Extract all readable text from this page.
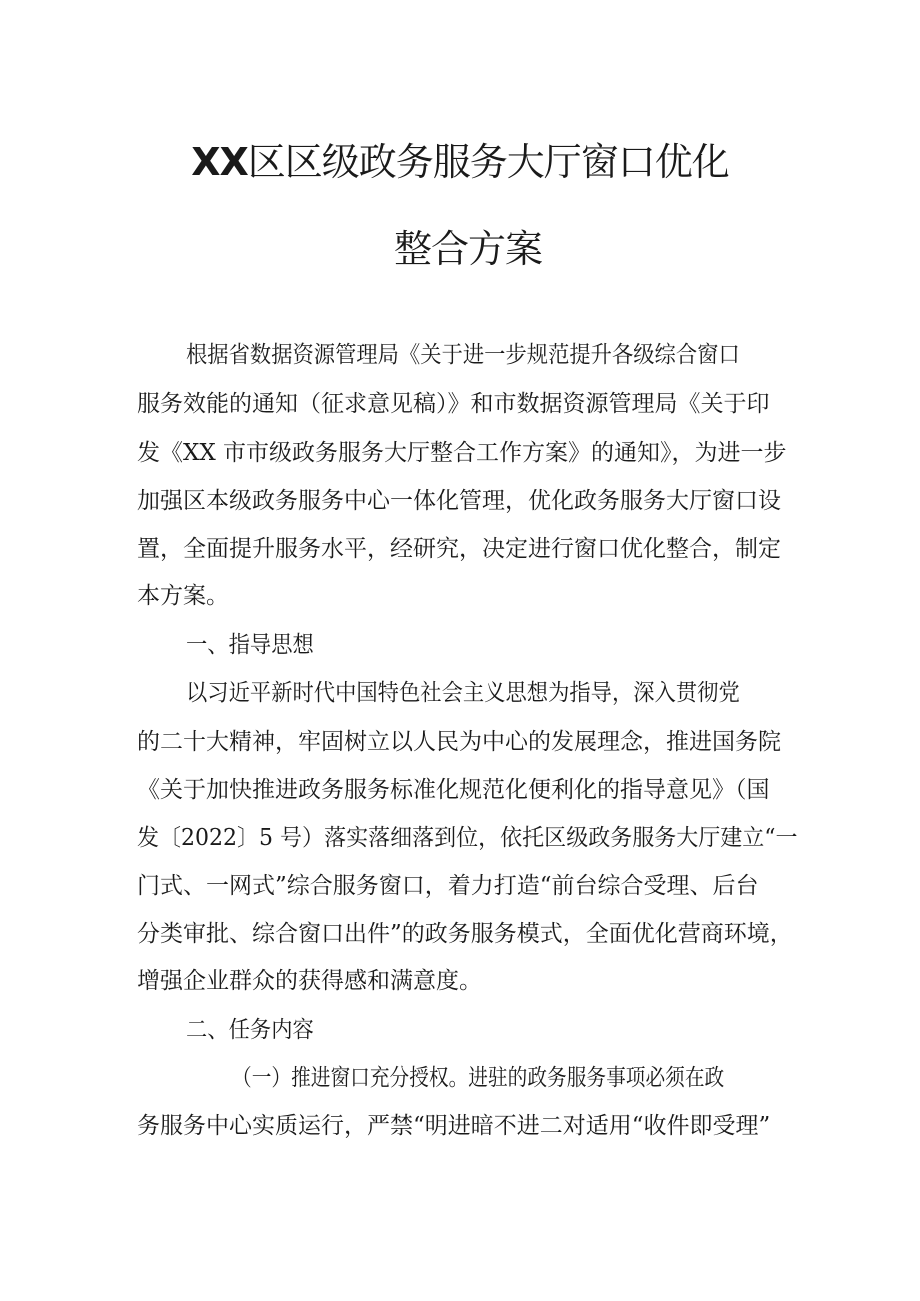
XX区区级政务服务大厅窗口优化
整合方案

根据省数据资源管理局《关于进一步规范提升各级综合窗口

服务效能的通知（征求意见稿）》和市数据资源管理局《关于印

发《XX 市市级政务服务大厅整合工作方案》的通知》，为进一步

加强区本级政务服务中心一体化管理，优化政务服务大厅窗口设

置，全面提升服务水平，经研究，决定进行窗口优化整合，制定

本方案。

一、指导思想

以习近平新时代中国特色社会主义思想为指导，深入贯彻党

的二十大精神，牢固树立以人民为中心的发展理念，推进国务院

《关于加快推进政务服务标准化规范化便利化的指导意见》（国

发〔2022〕5 号）落实落细落到位，依托区级政务服务大厅建立“一

门式、一网式”综合服务窗口，着力打造“前台综合受理、后台

分类审批、综合窗口出件”的政务服务模式，全面优化营商环境，

增强企业群众的获得感和满意度。

二、任务内容

（一）推进窗口充分授权。进驻的政务服务事项必须在政

务服务中心实质运行，严禁“明进暗不进二对适用“收件即受理”
